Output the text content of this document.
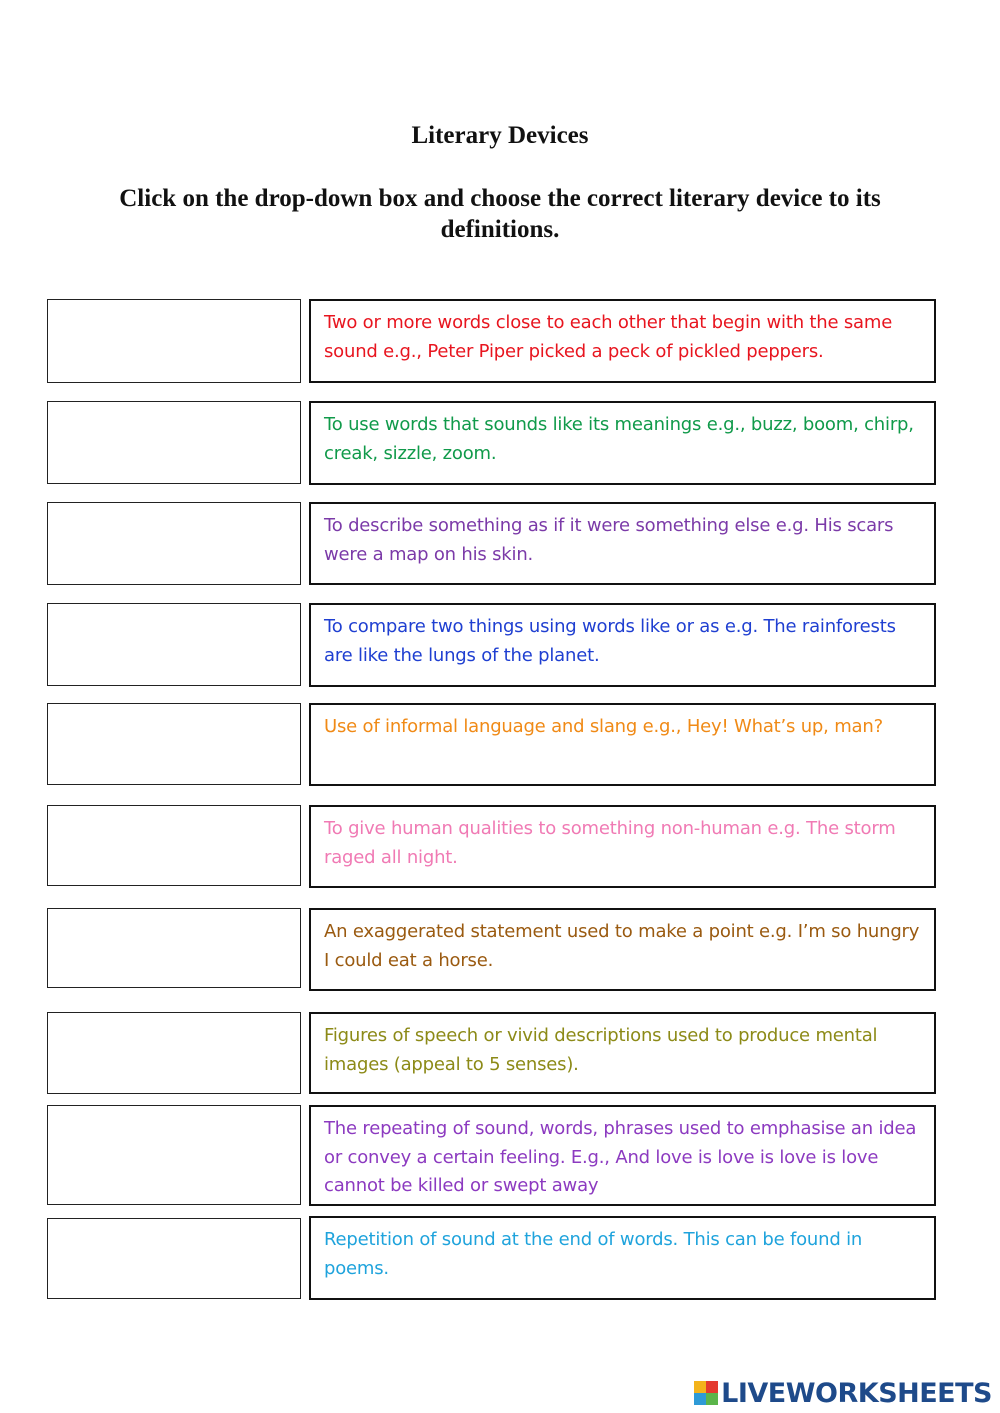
Literary Devices

Click on the drop-down box and choose the correct literary device to its definitions.

Two or more words close to each other that begin with the same sound e.g., Peter Piper picked a peck of pickled peppers.
To use words that sounds like its meanings e.g., buzz, boom, chirp, creak, sizzle, zoom.
To describe something as if it were something else e.g. His scars were a map on his skin.
To compare two things using words like or as e.g. The rainforests are like the lungs of the planet.
Use of informal language and slang e.g., Hey! What’s up, man?
To give human qualities to something non-human e.g. The storm raged all night.
An exaggerated statement used to make a point e.g. I’m so hungry I could eat a horse.
Figures of speech or vivid descriptions used to produce mental images (appeal to 5 senses).
The repeating of sound, words, phrases used to emphasise an idea or convey a certain feeling. E.g., And love is love is love is love cannot be killed or swept away
Repetition of sound at the end of words. This can be found in poems.
LIVEWORKSHEETS
